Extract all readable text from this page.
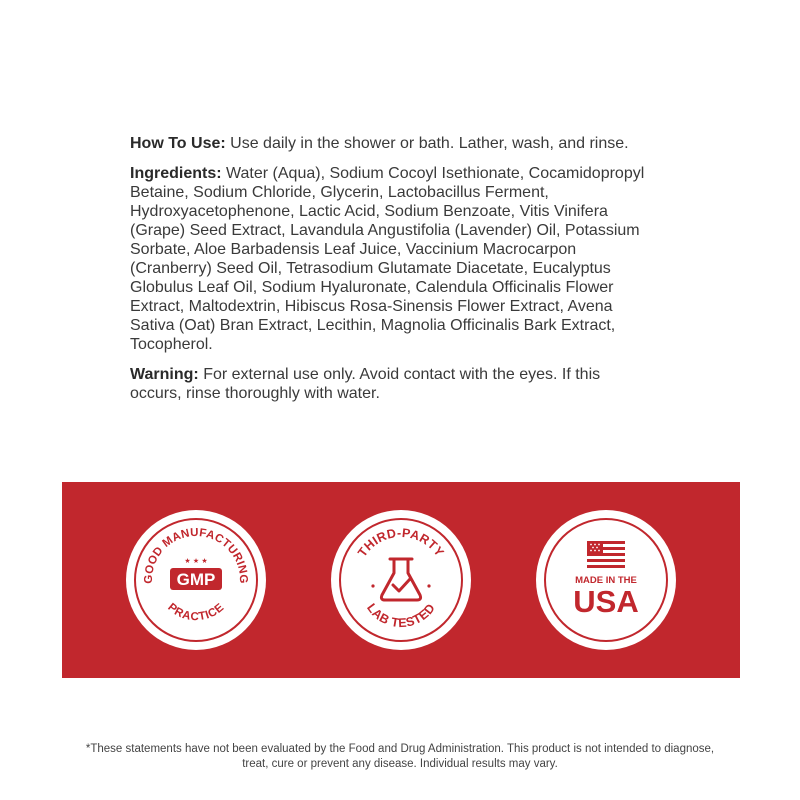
How To Use: Use daily in the shower or bath. Lather, wash, and rinse.

Ingredients: Water (Aqua), Sodium Cocoyl Isethionate, Cocamidopropyl Betaine, Sodium Chloride, Glycerin, Lactobacillus Ferment, Hydroxyacetophenone, Lactic Acid, Sodium Benzoate, Vitis Vinifera (Grape) Seed Extract, Lavandula Angustifolia (Lavender) Oil, Potassium Sorbate, Aloe Barbadensis Leaf Juice, Vaccinium Macrocarpon (Cranberry) Seed Oil, Tetrasodium Glutamate Diacetate, Eucalyptus Globulus Leaf Oil, Sodium Hyaluronate, Calendula Officinalis Flower Extract, Maltodextrin, Hibiscus Rosa-Sinensis Flower Extract, Avena Sativa (Oat) Bran Extract, Lecithin, Magnolia Officinalis Bark Extract, Tocopherol.

Warning: For external use only. Avoid contact with the eyes. If this occurs, rinse thoroughly with water.

GOOD MANUFACTURING
PRACTICE
★ ★ ★
GMP
THIRD-PARTY
LAB TESTED
MADE IN THE
USA
*These statements have not been evaluated by the Food and Drug Administration. This product is not intended to diagnose, treat, cure or prevent any disease. Individual results may vary.
